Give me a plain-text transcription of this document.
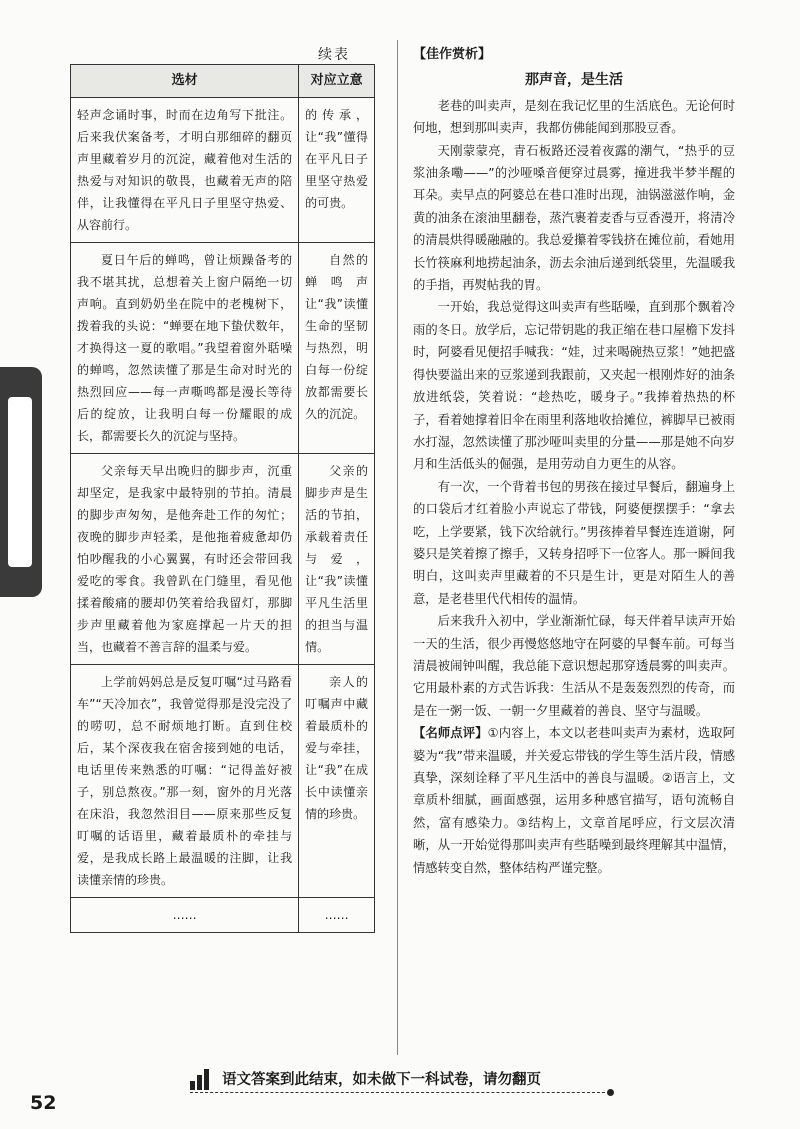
续表
选材	对应立意
轻声念诵时事，时而在边角写下批注。后来我伏案备考，才明白那细碎的翻页声里藏着岁月的沉淀，藏着他对生活的热爱与对知识的敬畏，也藏着无声的陪伴，让我懂得在平凡日子里坚守热爱、从容前行。	的传承，让“我”懂得在平凡日子里坚守热爱的可贵。
夏日午后的蝉鸣，曾让烦躁备考的我不堪其扰，总想着关上窗户隔绝一切声响。直到奶奶坐在院中的老槐树下，拨着我的头说：“蝉要在地下蛰伏数年，才换得这一夏的歌唱。”我望着窗外聒噪的蝉鸣，忽然读懂了那是生命对时光的热烈回应——每一声嘶鸣都是漫长等待后的绽放，让我明白每一份耀眼的成长，都需要长久的沉淀与坚持。	自然的蝉鸣声让“我”读懂生命的坚韧与热烈，明白每一份绽放都需要长久的沉淀。
父亲每天早出晚归的脚步声，沉重却坚定，是我家中最特别的节拍。清晨的脚步声匆匆，是他奔赴工作的匆忙；夜晚的脚步声轻柔，是他拖着疲惫却仍怕吵醒我的小心翼翼，有时还会带回我爱吃的零食。我曾趴在门缝里，看见他揉着酸痛的腰却仍笑着给我留灯，那脚步声里藏着他为家庭撑起一片天的担当，也藏着不善言辞的温柔与爱。	父亲的脚步声是生活的节拍，承载着责任与爱，让“我”读懂平凡生活里的担当与温情。
上学前妈妈总是反复叮嘱“过马路看车”“天冷加衣”，我曾觉得那是没完没了的唠叨，总不耐烦地打断。直到住校后，某个深夜我在宿舍接到她的电话，电话里传来熟悉的叮嘱：“记得盖好被子，别总熬夜。”那一刻，窗外的月光落在床沿，我忽然泪目——原来那些反复叮嘱的话语里，藏着最质朴的牵挂与爱，是我成长路上最温暖的注脚，让我读懂亲情的珍贵。	亲人的叮嘱声中藏着最质朴的爱与牵挂，让“我”在成长中读懂亲情的珍贵。
……	……
【佳作赏析】
那声音，是生活

老巷的叫卖声，是刻在我记忆里的生活底色。无论何时何地，想到那叫卖声，我都仿佛能闻到那股豆香。

天刚蒙蒙亮，青石板路还浸着夜露的潮气，“热乎的豆浆油条嘞——”的沙哑嗓音便穿过晨雾，撞进我半梦半醒的耳朵。卖早点的阿婆总在巷口准时出现，油锅滋滋作响，金黄的油条在滚油里翻卷，蒸汽裹着麦香与豆香漫开，将清冷的清晨烘得暖融融的。我总爱攥着零钱挤在摊位前，看她用长竹筷麻利地捞起油条，沥去余油后递到纸袋里，先温暖我的手指，再熨帖我的胃。

一开始，我总觉得这叫卖声有些聒噪，直到那个飘着冷雨的冬日。放学后，忘记带钥匙的我正缩在巷口屋檐下发抖时，阿婆看见便招手喊我：“娃，过来喝碗热豆浆！”她把盛得快要溢出来的豆浆递到我跟前，又夹起一根刚炸好的油条放进纸袋，笑着说：“趁热吃，暖身子。”我捧着热热的杯子，看着她撑着旧伞在雨里利落地收拾摊位，裤脚早已被雨水打湿，忽然读懂了那沙哑叫卖里的分量——那是她不向岁月和生活低头的倔强，是用劳动自力更生的从容。

有一次，一个背着书包的男孩在接过早餐后，翻遍身上的口袋后才红着脸小声说忘了带钱，阿婆便摆摆手：“拿去吃，上学要紧，钱下次给就行。”男孩捧着早餐连连道谢，阿婆只是笑着擦了擦手，又转身招呼下一位客人。那一瞬间我明白，这叫卖声里藏着的不只是生计，更是对陌生人的善意，是老巷里代代相传的温情。

后来我升入初中，学业渐渐忙碌，每天伴着早读声开始一天的生活，很少再慢悠悠地守在阿婆的早餐车前。可每当清晨被闹钟叫醒，我总能下意识想起那穿透晨雾的叫卖声。它用最朴素的方式告诉我：生活从不是轰轰烈烈的传奇，而是在一粥一饭、一朝一夕里藏着的善良、坚守与温暖。

【名师点评】①内容上，本文以老巷叫卖声为素材，选取阿婆为“我”带来温暖，并关爱忘带钱的学生等生活片段，情感真挚，深刻诠释了平凡生活中的善良与温暖。②语言上，文章质朴细腻，画面感强，运用多种感官描写，语句流畅自然，富有感染力。③结构上，文章首尾呼应，行文层次清晰，从一开始觉得那叫卖声有些聒噪到最终理解其中温情，情感转变自然，整体结构严谨完整。

语文答案到此结束，如未做下一科试卷，请勿翻页
52
